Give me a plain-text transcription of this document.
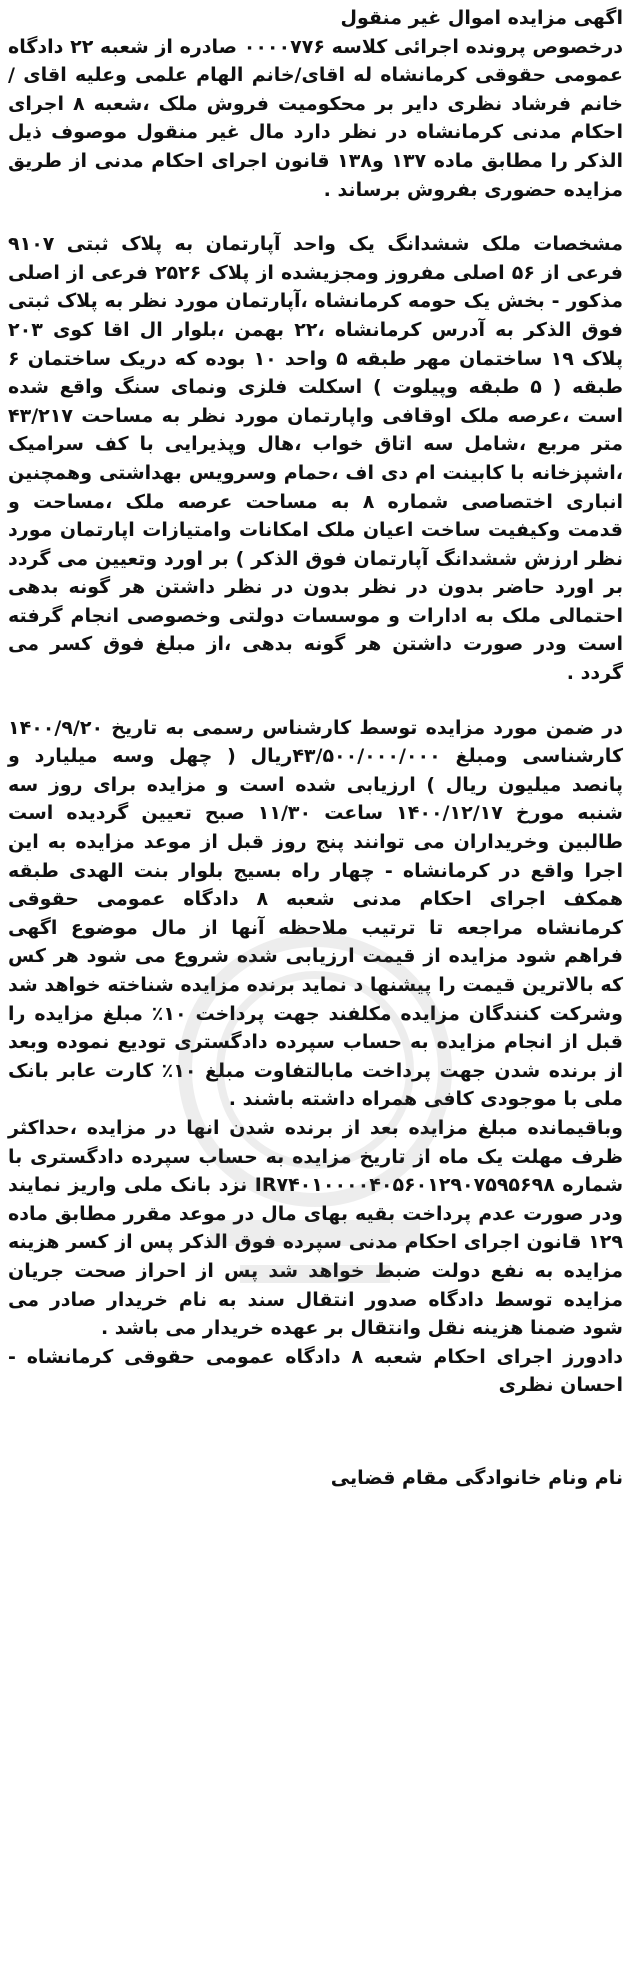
اگهی مزایده اموال غیر منقول

درخصوص پرونده اجرائی کلاسه ۰۰۰۰۷۷۶ صادره از شعبه ۲۲ دادگاه عمومی حقوقی کرمانشاه له اقای/خانم الهام علمی وعلیه اقای / خانم فرشاد نظری دایر بر محکومیت فروش ملک ،شعبه ۸ اجرای احکام مدنی کرمانشاه در نظر دارد مال غیر منقول موصوف ذیل الذکر را مطابق ماده ۱۳۷ و۱۳۸ قانون اجرای احکام مدنی از طریق مزایده حضوری بفروش برساند .

مشخصات ملک ششدانگ یک واحد آپارتمان به پلاک ثبتی ۹۱۰۷ فرعی از ۵۶ اصلی مفروز ومجزیشده از پلاک ۲۵۲۶ فرعی از اصلی مذکور - بخش یک حومه کرمانشاه ،آپارتمان مورد نظر به پلاک ثبتی فوق الذکر به آدرس کرمانشاه ،۲۲ بهمن ،بلوار ال اقا کوی ۲۰۳ پلاک ۱۹ ساختمان مهر طبقه ۵ واحد ۱۰ بوده که دریک ساختمان ۶ طبقه ( ۵ طبقه وپیلوت ) اسکلت فلزی ونمای سنگ واقع شده است ،عرصه ملک اوقافی واپارتمان مورد نظر به مساحت ۴۳/۲۱۷ متر مربع ،شامل سه اتاق خواب ،هال وپذیرایی با کف سرامیک ،اشپزخانه با کابینت ام دی اف ،حمام وسرویس بهداشتی وهمچنین انباری اختصاصی شماره ۸ به مساحت عرصه ملک ،مساحت و قدمت وکیفیت ساخت اعیان ملک امکانات وامتیازات اپارتمان مورد نظر ارزش ششدانگ آپارتمان فوق الذکر ) بر اورد وتعیین می گردد بر اورد حاضر بدون در نظر بدون در نظر داشتن هر گونه بدهی احتمالی ملک به ادارات و موسسات دولتی وخصوصی انجام گرفته است ودر صورت داشتن هر گونه بدهی ،از مبلغ فوق کسر می گردد .

در ضمن مورد مزایده توسط کارشناس رسمی به تاریخ ۱۴۰۰/۹/۲۰ کارشناسی ومبلغ ۴۳/۵۰۰/۰۰۰/۰۰۰ریال ( چهل وسه میلیارد و پانصد میلیون ریال ) ارزیابی شده است و مزایده برای روز سه شنبه مورخ ۱۴۰۰/۱۲/۱۷ ساعت ۱۱/۳۰ صبح تعیین گردیده است طالبین وخریداران می توانند پنج روز قبل از موعد مزایده به این اجرا واقع در کرمانشاه - چهار راه بسیج بلوار بنت الهدی طبقه همکف اجرای احکام مدنی شعبه ۸ دادگاه عمومی حقوقی کرمانشاه مراجعه تا ترتیب ملاحظه آنها از مال موضوع اگهی فراهم شود مزایده از قیمت ارزیابی شده شروع می شود هر کس که بالاترین قیمت را پیشنها د نماید برنده مزایده شناخته خواهد شد وشرکت کنندگان مزایده مکلفند جهت پرداخت ۱۰٪ مبلغ مزایده را قبل از انجام مزایده به حساب سپرده دادگستری تودیع نموده وبعد از برنده شدن جهت پرداخت مابالتفاوت مبلغ ۱۰٪ کارت عابر بانک ملی با موجودی کافی همراه داشته باشند .

وباقیمانده مبلغ مزایده بعد از برنده شدن انها در مزایده ،حداکثر ظرف مهلت یک ماه از تاریخ مزایده به حساب سپرده دادگستری با شماره IR۷۴۰۱۰۰۰۰۴۰۵۶۰۱۲۹۰۷۵۹۵۶۹۸ نزد بانک ملی واریز نمایند ودر صورت عدم پرداخت بقیه بهای مال در موعد مقرر مطابق ماده ۱۲۹ قانون اجرای احکام مدنی سپرده فوق الذکر پس از کسر هزینه مزایده به نفع دولت ضبط خواهد شد پس از احراز صحت جریان مزایده توسط دادگاه صدور انتقال سند به نام خریدار صادر می شود ضمنا هزینه نقل وانتقال بر عهده خریدار می باشد .

دادورز اجرای احکام شعبه ۸ دادگاه عمومی حقوقی کرمانشاه - احسان نظری

نام ونام خانوادگی مقام قضایی
